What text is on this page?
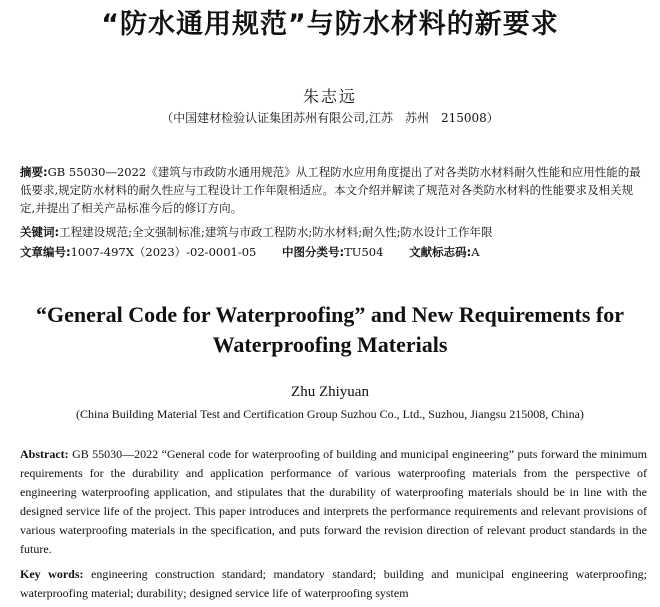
“防水通用规范”与防水材料的新要求
朱志远
（中国建材检验认证集团苏州有限公司,江苏　苏州　215008）
摘要:GB 55030—2022《建筑与市政防水通用规范》从工程防水应用角度提出了对各类防水材料耐久性能和应用性能的最低要求,规定防水材料的耐久性应与工程设计工作年限相适应。本文介绍并解读了规范对各类防水材料的性能要求及相关规定,并提出了相关产品标准今后的修订方向。
关键词:工程建设规范;全文强制标准;建筑与市政工程防水;防水材料;耐久性;防水设计工作年限
文章编号:1007-497X（2023）-02-0001-05 中图分类号:TU504 文献标志码:A
“General Code for Waterproofing” and New Requirements for Waterproofing Materials
Zhu Zhiyuan
(China Building Material Test and Certification Group Suzhou Co., Ltd., Suzhou, Jiangsu 215008, China)
Abstract: GB 55030—2022 “General code for waterproofing of building and municipal engineering” puts forward the minimum requirements for the durability and application performance of various waterproofing materials from the perspective of engineering waterproofing application, and stipulates that the durability of waterproofing materials should be in line with the designed service life of the project. This paper introduces and interprets the performance requirements and relevant provisions of various waterproofing materials in the specification, and puts forward the revision direction of relevant product standards in the future.
Key words: engineering construction standard; mandatory standard; building and municipal engineering waterproofing; waterproofing material; durability; designed service life of waterproofing system
